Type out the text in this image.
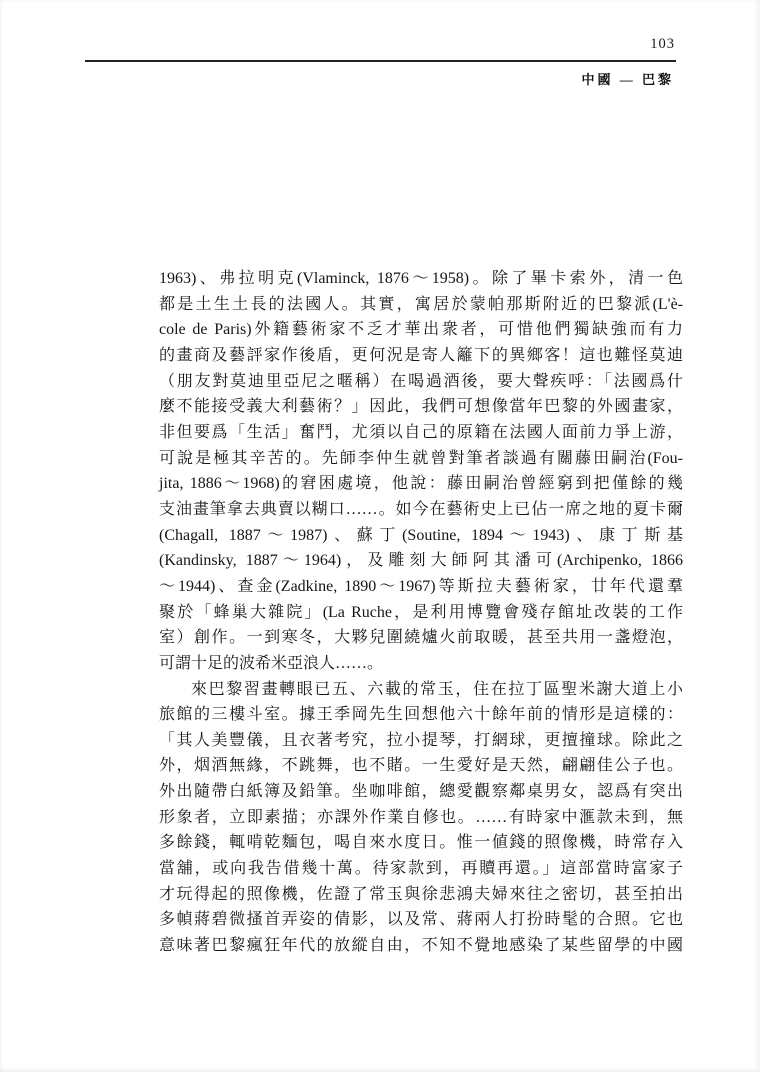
103
中國 — 巴黎
1963)、弗拉明克(Vlaminck, 1876～1958)。除了畢卡索外，清一色
都是土生土長的法國人。其實，寓居於蒙帕那斯附近的巴黎派(L'è-
cole de Paris)外籍藝術家不乏才華出衆者，可惜他們獨缺強而有力
的畫商及藝評家作後盾，更何況是寄人籬下的異鄉客！這也難怪莫迪
（朋友對莫迪里亞尼之暱稱）在喝過酒後，要大聲疾呼：「法國爲什
麼不能接受義大利藝術？」因此，我們可想像當年巴黎的外國畫家，
非但要爲「生活」奮鬥，尤須以自己的原籍在法國人面前力爭上游，
可說是極其辛苦的。先師李仲生就曾對筆者談過有關藤田嗣治(Fou-
jita, 1886～1968)的窘困處境，他說：藤田嗣治曾經窮到把僅餘的幾
支油畫筆拿去典賣以糊口……。如今在藝術史上已佔一席之地的夏卡爾
(Chagall, 1887～1987)、蘇丁(Soutine, 1894～1943)、康丁斯基
(Kandinsky, 1887～1964)，及雕刻大師阿其潘可(Archipenko, 1866
～1944)、查金(Zadkine, 1890～1967)等斯拉夫藝術家，廿年代還羣
聚於「蜂巢大雜院」(La Ruche，是利用博覽會殘存館址改裝的工作
室）創作。一到寒冬，大夥兒圍繞爐火前取暖，甚至共用一盞燈泡，
可謂十足的波希米亞浪人……。
來巴黎習畫轉眼已五、六載的常玉，住在拉丁區聖米謝大道上小
旅館的三樓斗室。據王季岡先生回想他六十餘年前的情形是這樣的：
「其人美豐儀，且衣著考究，拉小提琴，打網球，更擅撞球。除此之
外，烟酒無緣，不跳舞，也不賭。一生愛好是天然，翩翩佳公子也。
外出隨帶白紙簿及鉛筆。坐咖啡館，總愛觀察鄰桌男女，認爲有突出
形象者，立即素描；亦課外作業自修也。……有時家中滙款未到，無
多餘錢，輒啃乾麵包，喝自來水度日。惟一値錢的照像機，時常存入
當舖，或向我告借幾十萬。待家款到，再贖再還。」這部當時富家子
才玩得起的照像機，佐證了常玉與徐悲鴻夫婦來往之密切，甚至拍出
多幀蔣碧微搔首弄姿的倩影，以及常、蔣兩人打扮時髦的合照。它也
意味著巴黎瘋狂年代的放縱自由，不知不覺地感染了某些留學的中國
